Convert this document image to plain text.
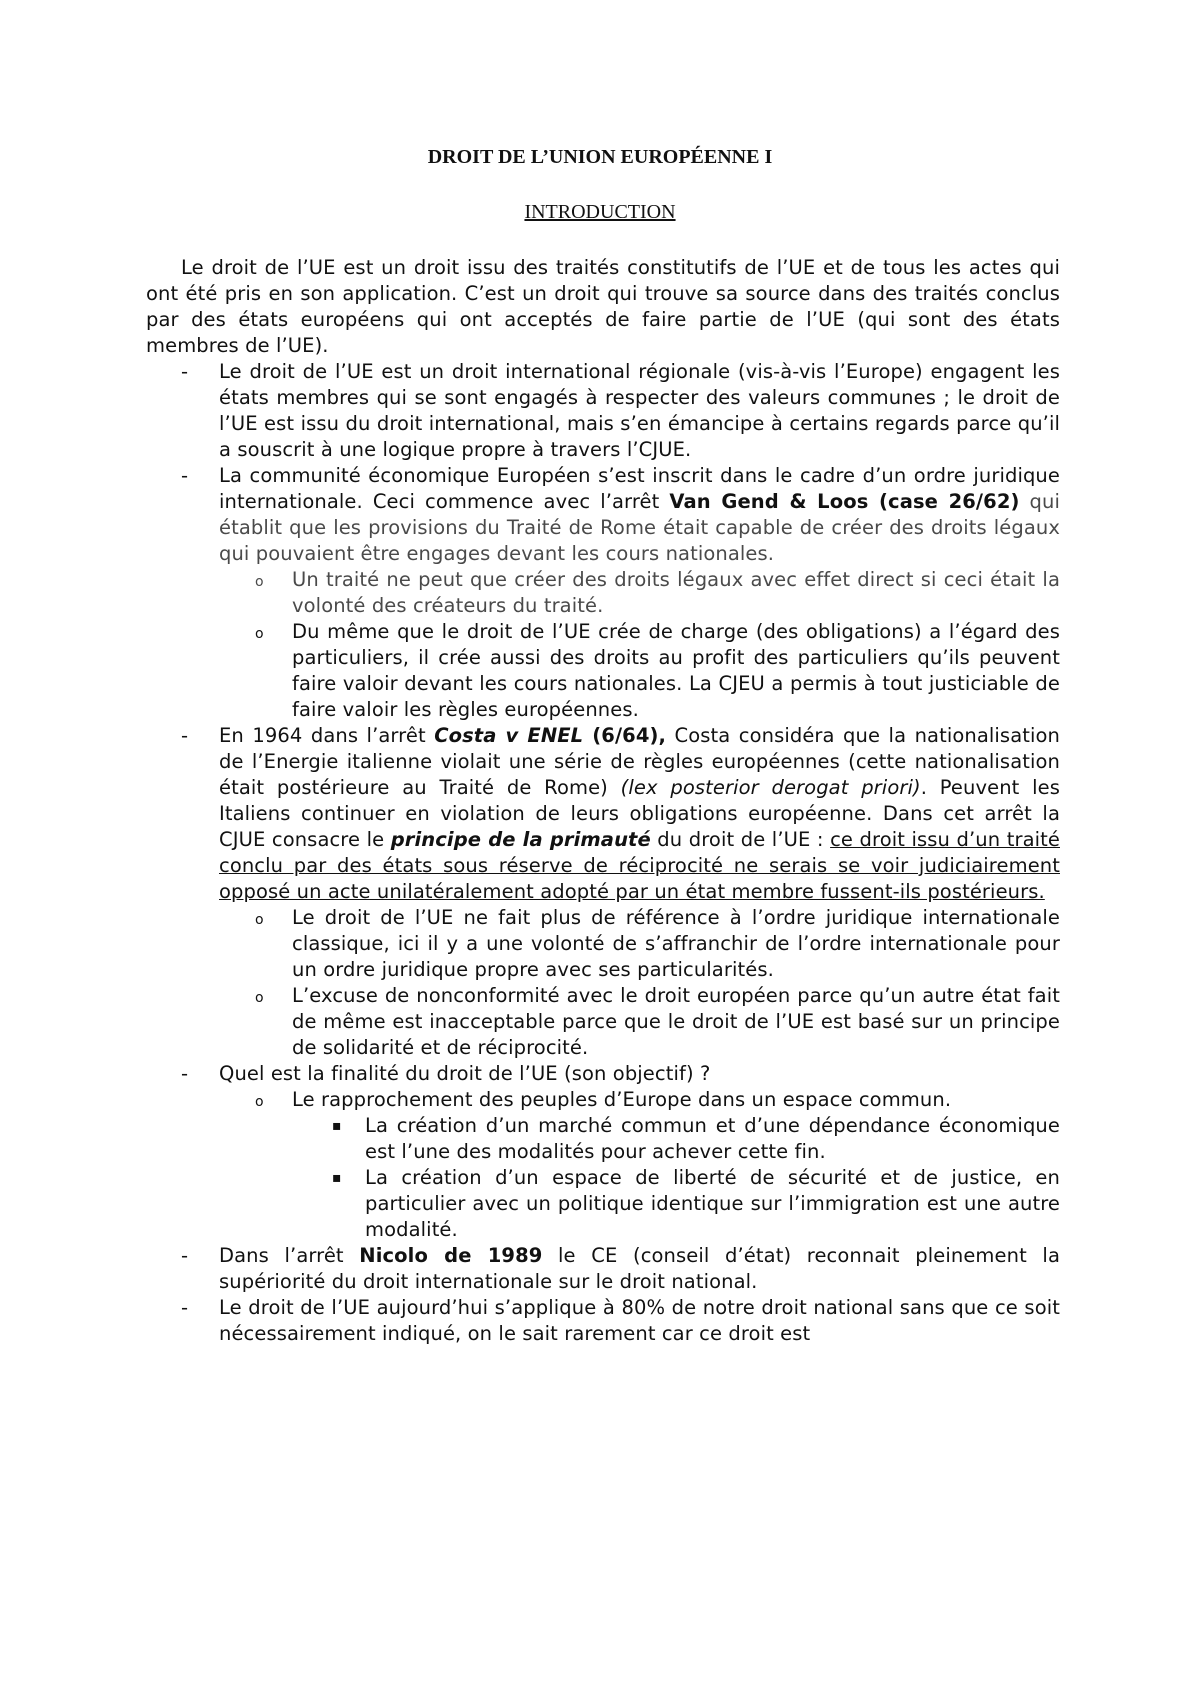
DROIT DE L’UNION EUROPÉENNE I
INTRODUCTION

Le droit de l’UE est un droit issu des traités constitutifs de l’UE et de tous les actes qui ont été pris en son application. C’est un droit qui trouve sa source dans des traités conclus par des états européens qui ont acceptés de faire partie de l’UE (qui sont des états membres de l’UE).

- Le droit de l’UE est un droit international régionale (vis-à-vis l’Europe) engagent les états membres qui se sont engagés à respecter des valeurs communes ; le droit de l’UE est issu du droit international, mais s’en émancipe à certains regards parce qu’il a souscrit à une logique propre à travers l’CJUE.
- La communité économique Européen s’est inscrit dans le cadre d’un ordre juridique internationale. Ceci commence avec l’arrêt Van Gend & Loos (case 26/62) qui établit que les provisions du Traité de Rome était capable de créer des droits légaux qui pouvaient être engages devant les cours nationales.
o Un traité ne peut que créer des droits légaux avec effet direct si ceci était la volonté des créateurs du traité.
o Du même que le droit de l’UE crée de charge (des obligations) a l’égard des particuliers, il crée aussi des droits au profit des particuliers qu’ils peuvent faire valoir devant les cours nationales. La CJEU a permis à tout justiciable de faire valoir les règles européennes.
- En 1964 dans l’arrêt Costa v ENEL (6/64), Costa considéra que la nationalisation de l’Energie italienne violait une série de règles européennes (cette nationalisation était postérieure au Traité de Rome) (lex posterior derogat priori). Peuvent les Italiens continuer en violation de leurs obligations européenne. Dans cet arrêt la CJUE consacre le principe de la primauté du droit de l’UE : ce droit issu d’un traité conclu par des états sous réserve de réciprocité ne serais se voir judiciairement opposé un acte unilatéralement adopté par un état membre fussent-ils postérieurs.
o Le droit de l’UE ne fait plus de référence à l’ordre juridique internationale classique, ici il y a une volonté de s’affranchir de l’ordre internationale pour un ordre juridique propre avec ses particularités.
o L’excuse de nonconformité avec le droit européen parce qu’un autre état fait de même est inacceptable parce que le droit de l’UE est basé sur un principe de solidarité et de réciprocité.
- Quel est la finalité du droit de l’UE (son objectif) ?
o Le rapprochement des peuples d’Europe dans un espace commun.
▪ La création d’un marché commun et d’une dépendance économique est l’une des modalités pour achever cette fin.
▪ La création d’un espace de liberté de sécurité et de justice, en particulier avec un politique identique sur l’immigration est une autre modalité.
- Dans l’arrêt Nicolo de 1989 le CE (conseil d’état) reconnait pleinement la supériorité du droit internationale sur le droit national.
- Le droit de l’UE aujourd’hui s’applique à 80% de notre droit national sans que ce soit nécessairement indiqué, on le sait rarement car ce droit est
